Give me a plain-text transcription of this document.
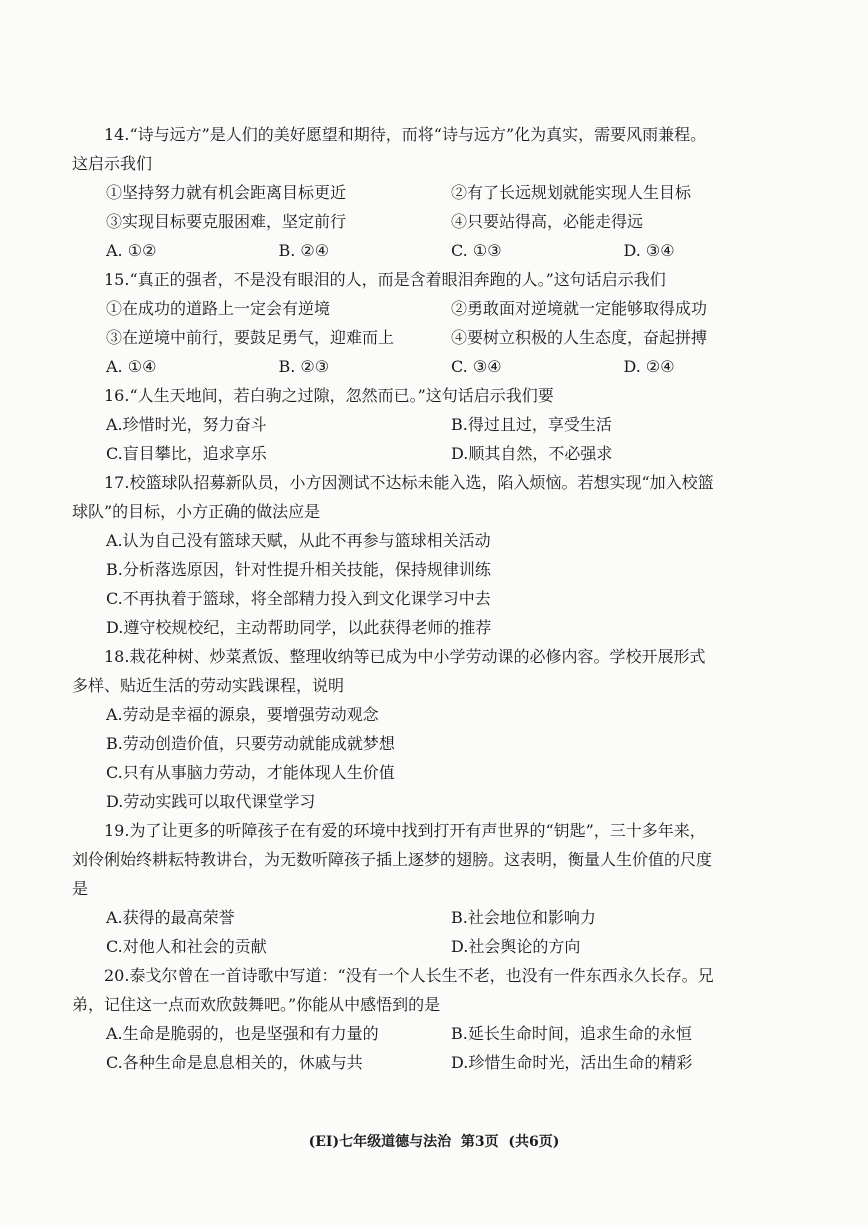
14.“诗与远方”是人们的美好愿望和期待，而将“诗与远方”化为真实，需要风雨兼程。
这启示我们
①坚持努力就有机会距离目标更近	②有了长远规划就能实现人生目标
③实现目标要克服困难，坚定前行	④只要站得高，必能走得远
A. ①②	B. ②④	C. ①③	D. ③④
15.“真正的强者，不是没有眼泪的人，而是含着眼泪奔跑的人。”这句话启示我们
①在成功的道路上一定会有逆境	②勇敢面对逆境就一定能够取得成功
③在逆境中前行，要鼓足勇气，迎难而上	④要树立积极的人生态度，奋起拼搏
A. ①④	B. ②③	C. ③④	D. ②④
16.“人生天地间，若白驹之过隙，忽然而已。”这句话启示我们要
A.珍惜时光，努力奋斗	B.得过且过，享受生活
C.盲目攀比，追求享乐	D.顺其自然，不必强求
17.校篮球队招募新队员，小方因测试不达标未能入选，陷入烦恼。若想实现“加入校篮
球队”的目标，小方正确的做法应是
A.认为自己没有篮球天赋，从此不再参与篮球相关活动
B.分析落选原因，针对性提升相关技能，保持规律训练
C.不再执着于篮球，将全部精力投入到文化课学习中去
D.遵守校规校纪，主动帮助同学，以此获得老师的推荐
18.栽花种树、炒菜煮饭、整理收纳等已成为中小学劳动课的必修内容。学校开展形式
多样、贴近生活的劳动实践课程，说明
A.劳动是幸福的源泉，要增强劳动观念
B.劳动创造价值，只要劳动就能成就梦想
C.只有从事脑力劳动，才能体现人生价值
D.劳动实践可以取代课堂学习
19.为了让更多的听障孩子在有爱的环境中找到打开有声世界的“钥匙”，三十多年来，
刘伶俐始终耕耘特教讲台，为无数听障孩子插上逐梦的翅膀。这表明，衡量人生价值的尺度
是
A.获得的最高荣誉	B.社会地位和影响力
C.对他人和社会的贡献	D.社会舆论的方向
20.泰戈尔曾在一首诗歌中写道：“没有一个人长生不老，也没有一件东西永久长存。兄
弟，记住这一点而欢欣鼓舞吧。”你能从中感悟到的是
A.生命是脆弱的，也是坚强和有力量的	B.延长生命时间，追求生命的永恒
C.各种生命是息息相关的，休戚与共	D.珍惜生命时光，活出生命的精彩
(EI)七年级道德与法治  第3页  (共6页)
